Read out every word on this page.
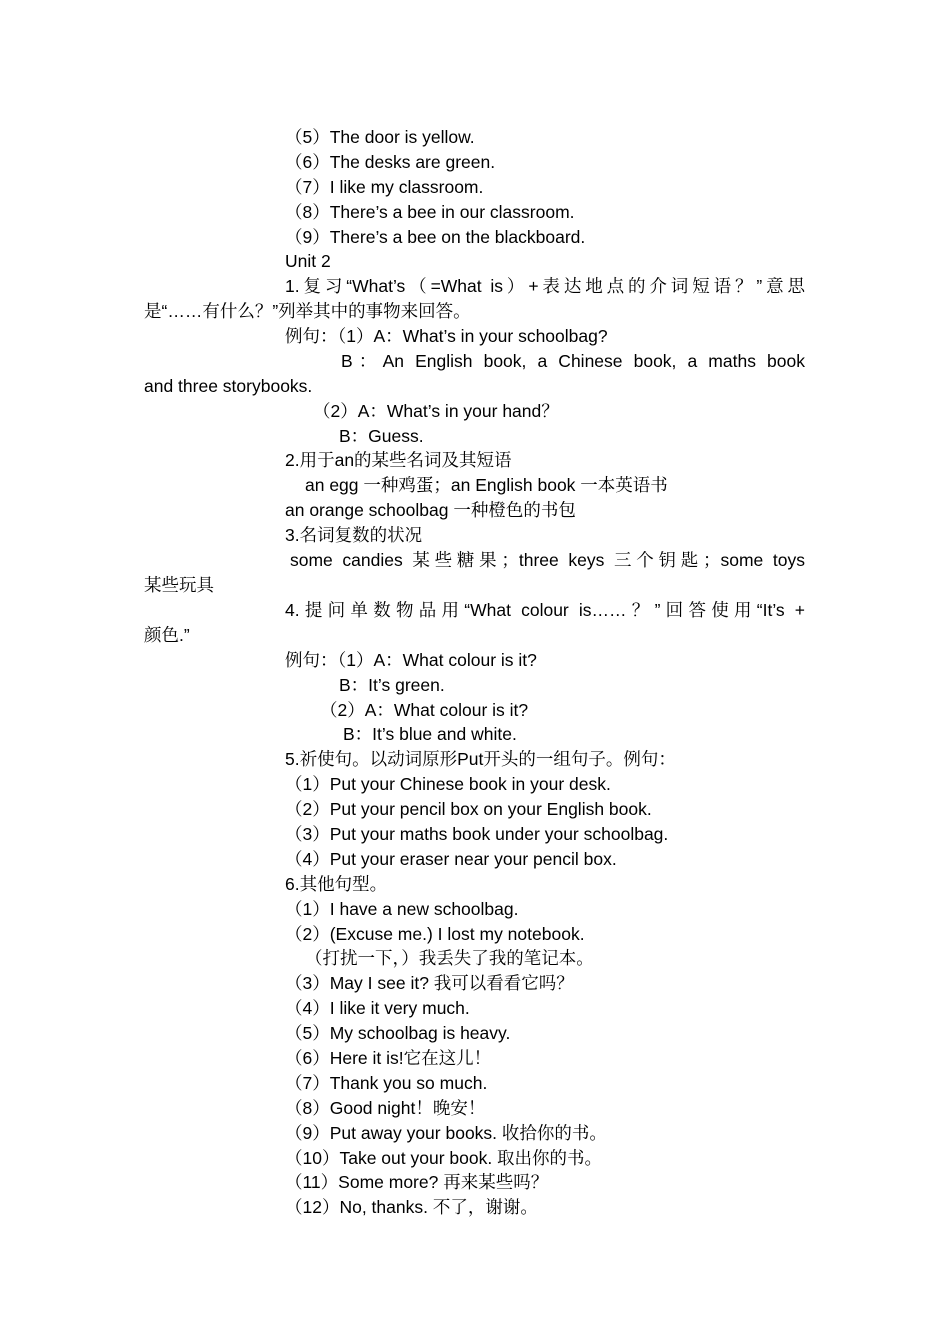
（5）The door is yellow.
（6）The desks are green.
（7）I like my classroom.
（8）There’s a bee in our classroom.
（9）There’s a bee on the blackboard.
Unit 2
1.复习“What’s（=What is）+表达地点的介词短语？”意思
是“……有什么？”列举其中的事物来回答。
例句：（1）A：What’s in your schoolbag?
B：An English book, a Chinese book, a maths book
and three storybooks.
（2）A：What’s in your hand？
B：Guess.
2.用于an的某些名词及其短语
an egg 一种鸡蛋；an English book 一本英语书
an orange schoolbag 一种橙色的书包
3.名词复数的状况
some candies 某些糖果；three keys 三个钥匙；some toys
某些玩具
4.提问单数物品用“What colour is……？”回答使用“It’s +
颜色.”
例句：（1）A：What colour is it?
B：It’s green.
（2）A：What colour is it?
B：It’s blue and white.
5.祈使句。以动词原形Put开头的一组句子。例句：
（1）Put your Chinese book in your desk.
（2）Put your pencil box on your English book.
（3）Put your maths book under your schoolbag.
（4）Put your eraser near your pencil box.
6.其他句型。
（1）I have a new schoolbag.
（2）(Excuse me.) I lost my notebook.
（打扰一下，）我丢失了我的笔记本。
（3）May I see it? 我可以看看它吗？
（4）I like it very much.
（5）My schoolbag is heavy.
（6）Here it is!它在这儿！
（7）Thank you so much.
（8）Good night！晚安！
（9）Put away your books. 收拾你的书。
（10）Take out your book. 取出你的书。
（11）Some more? 再来某些吗？
（12）No, thanks. 不了，谢谢。
